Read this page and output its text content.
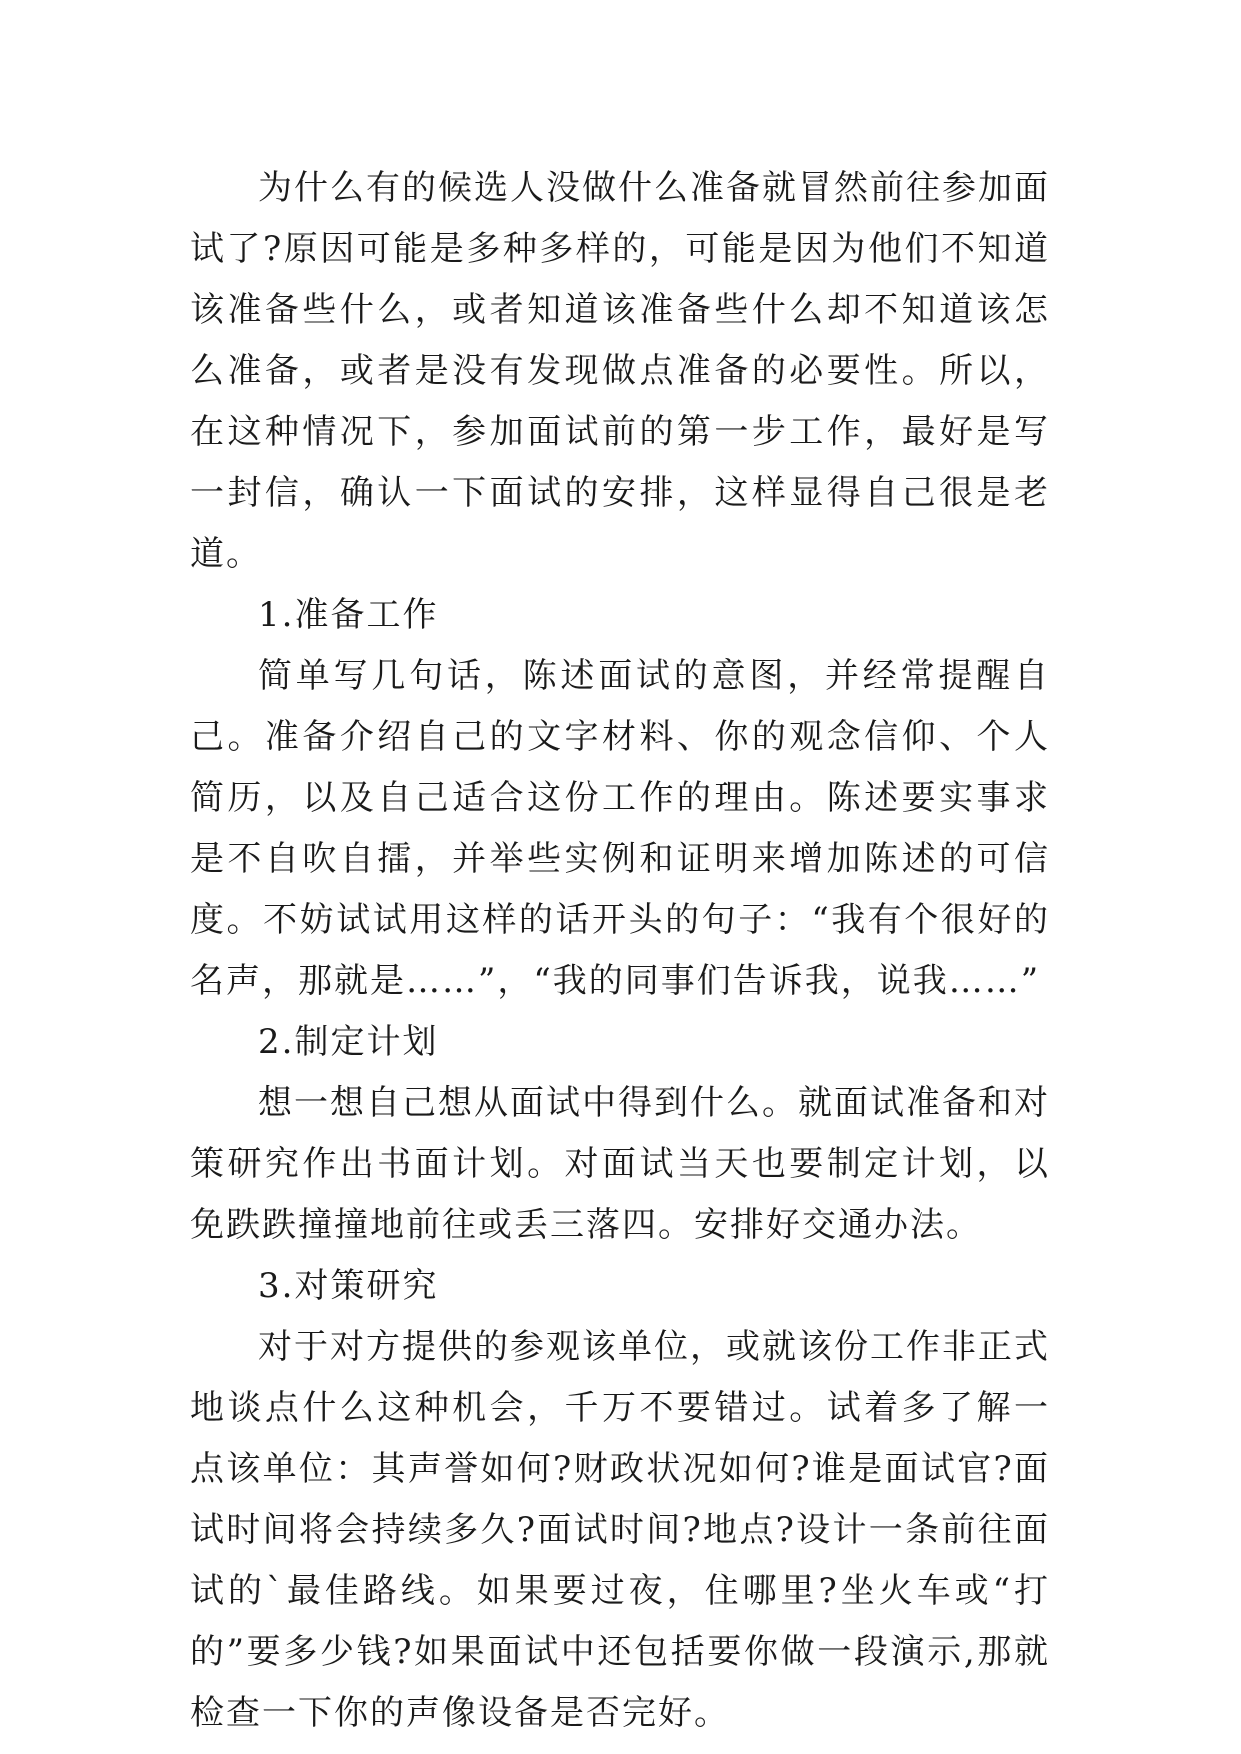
为什么有的候选人没做什么准备就冒然前往参加面试了?原因可能是多种多样的，可能是因为他们不知道该准备些什么，或者知道该准备些什么却不知道该怎么准备，或者是没有发现做点准备的必要性。所以，在这种情况下，参加面试前的第一步工作，最好是写一封信，确认一下面试的安排，这样显得自己很是老道。

1.准备工作

简单写几句话，陈述面试的意图，并经常提醒自己。准备介绍自己的文字材料、你的观念信仰、个人简历，以及自己适合这份工作的理由。陈述要实事求是不自吹自擂，并举些实例和证明来增加陈述的可信度。不妨试试用这样的话开头的句子：“我有个很好的名声，那就是……”，“我的同事们告诉我，说我……”

2.制定计划

想一想自己想从面试中得到什么。就面试准备和对策研究作出书面计划。对面试当天也要制定计划，以免跌跌撞撞地前往或丢三落四。安排好交通办法。

3.对策研究

对于对方提供的参观该单位，或就该份工作非正式地谈点什么这种机会，千万不要错过。试着多了解一点该单位：其声誉如何?财政状况如何?谁是面试官?面试时间将会持续多久?面试时间?地点?设计一条前往面试的`最佳路线。如果要过夜，住哪里?坐火车或“打的”要多少钱?如果面试中还包括要你做一段演示,那就检查一下你的声像设备是否完好。
